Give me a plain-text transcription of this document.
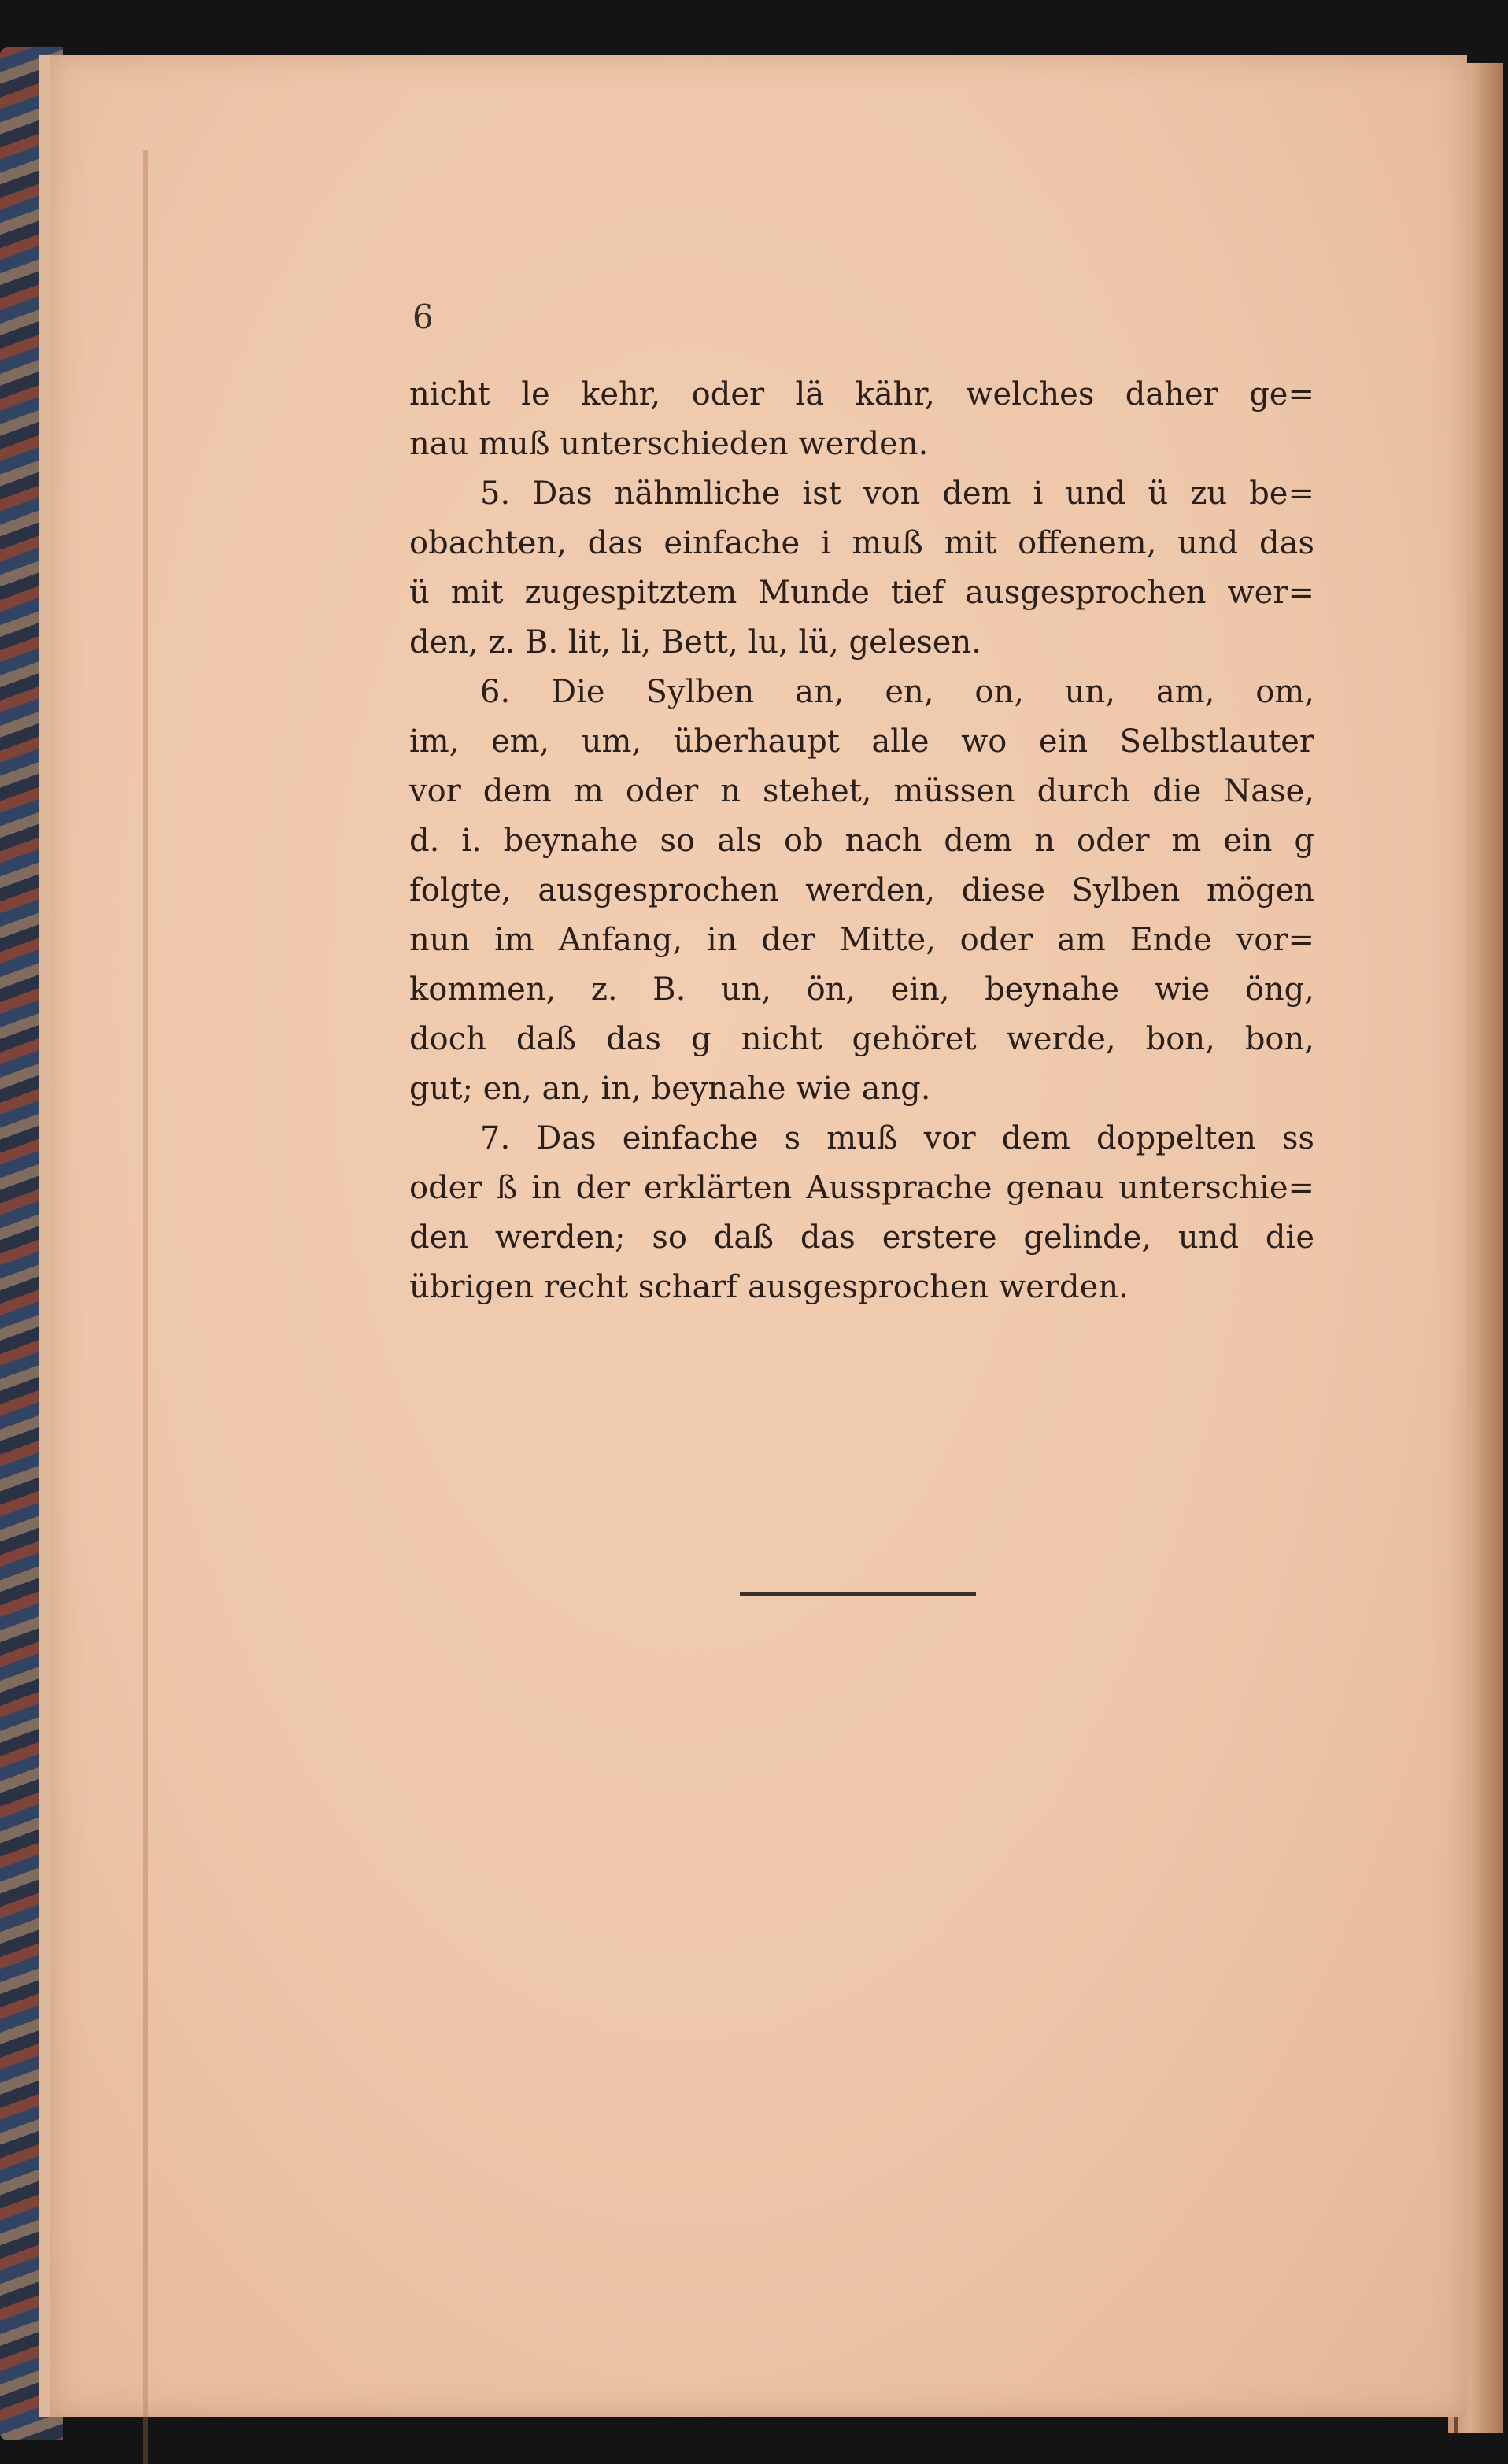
6
nicht le kehr, oder lä kähr, welches daher ge=
nau muß unterschieden werden.
5. Das nähmliche ist von dem i und ü zu be=
obachten, das einfache i muß mit offenem, und das
ü mit zugespitztem Munde tief ausgesprochen wer=
den, z. B. lit, li, Bett, lu, lü, gelesen.
6. Die Sylben an, en, on, un, am, om,
im, em, um, überhaupt alle wo ein Selbstlauter
vor dem m oder n stehet, müssen durch die Nase,
d. i. beynahe so als ob nach dem n oder m ein g
folgte, ausgesprochen werden, diese Sylben mögen
nun im Anfang, in der Mitte, oder am Ende vor=
kommen, z. B. un, ön, ein, beynahe wie öng,
doch daß das g nicht gehöret werde, bon, bon,
gut; en, an, in, beynahe wie ang.
7. Das einfache s muß vor dem doppelten ss
oder ß in der erklärten Aussprache genau unterschie=
den werden; so daß das erstere gelinde, und die
übrigen recht scharf ausgesprochen werden.
